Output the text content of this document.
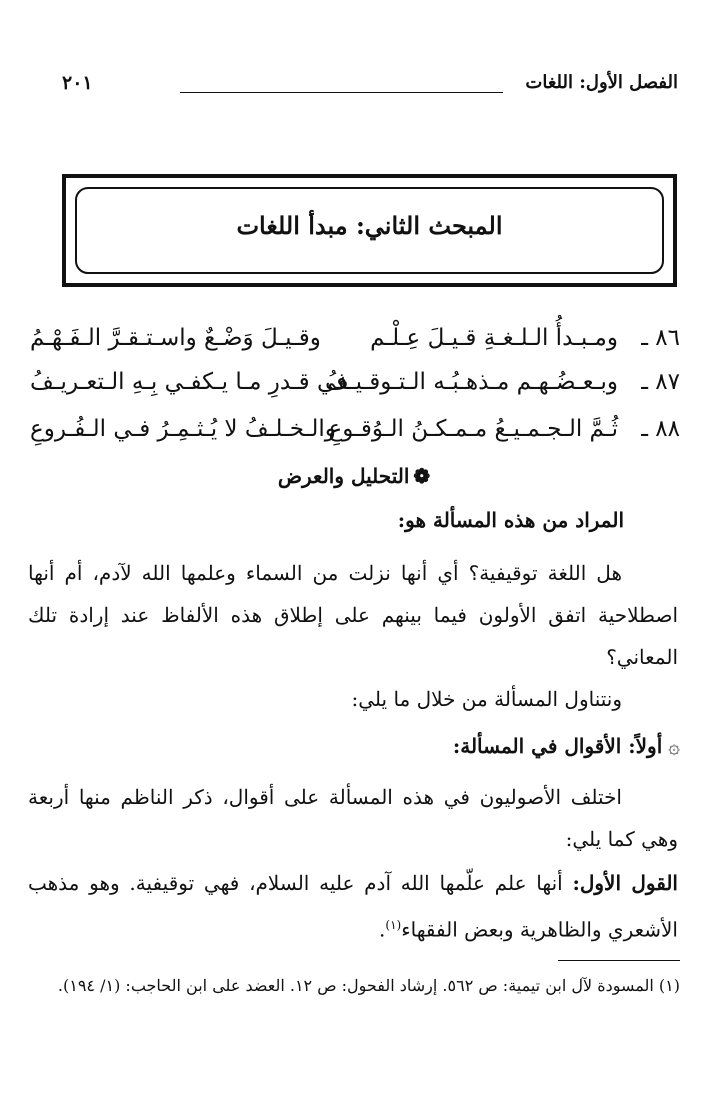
الفصل الأول: اللغات
٢٠١
المبحث الثاني: مبدأ اللغات
٨٦ ـ
ومـبـدأُ الـلـغـةِ قـيـلَ عِـلْـم
وقـيـلَ وَضْـعٌ واسـتـقـرَّ الـفَـهْـمُ
٨٧ ـ
وبـعـضُـهـم مـذهـبُـه الـتـوقـيـفُ
في قـدرِ مـا يـكفـي بِـهِ الـتعـريـفُ
٨٨ ـ
ثُـمَّ الـجـمـيـعُ مـمـكـنُ الـوُقـوعِ
والـخـلـفُ لا يُـثـمِـرُ فـي الـفُـروعِ
❁التحليل والعرض
المراد من هذه المسألة هو:
هل اللغة توقيفية؟ أي أنها نزلت من السماء وعلمها الله لآدم، أم أنها اصطلاحية اتفق الأولون فيما بينهم على إطلاق هذه الألفاظ عند إرادة تلك المعاني؟
ونتناول المسألة من خلال ما يلي:
۞أولاً: الأقوال في المسألة:
اختلف الأصوليون في هذه المسألة على أقوال، ذكر الناظم منها أربعة وهي كما يلي:
القول الأول: أنها علم علّمها الله آدم عليه السلام، فهي توقيفية. وهو مذهب الأشعري والظاهرية وبعض الفقهاء$^{(١)}$.
(١) المسودة لآل ابن تيمية: ص ٥٦٢. إرشاد الفحول: ص ١٢. العضد على ابن الحاجب: (١/ ١٩٤).
